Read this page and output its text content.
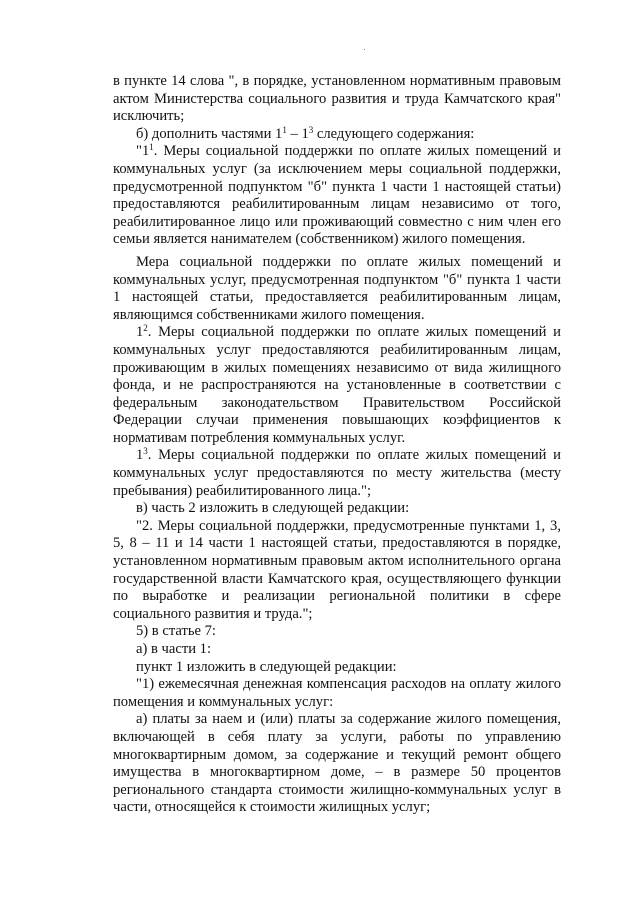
в пункте 14 слова ", в порядке, установленном нормативным правовым актом Министерства социального развития и труда Камчатского края" исключить;

б) дополнить частями $1^1 - 1^3$ следующего содержания:

"$1^1$. Меры социальной поддержки по оплате жилых помещений и коммунальных услуг (за исключением меры социальной поддержки, предусмотренной подпунктом "б" пункта 1 части 1 настоящей статьи) предоставляются реабилитированным лицам независимо от того, реабилитированное лицо или проживающий совместно с ним член его семьи является нанимателем (собственником) жилого помещения.

Мера социальной поддержки по оплате жилых помещений и коммунальных услуг, предусмотренная подпунктом "б" пункта 1 части 1 настоящей статьи, предоставляется реабилитированным лицам, являющимся собственниками жилого помещения.

$1^2$. Меры социальной поддержки по оплате жилых помещений и коммунальных услуг предоставляются реабилитированным лицам, проживающим в жилых помещениях независимо от вида жилищного фонда, и не распространяются на установленные в соответствии с федеральным законодательством Правительством Российской Федерации случаи применения повышающих коэффициентов к нормативам потребления коммунальных услуг.

$1^3$. Меры социальной поддержки по оплате жилых помещений и коммунальных услуг предоставляются по месту жительства (месту пребывания) реабилитированного лица.";

в) часть 2 изложить в следующей редакции:

"2. Меры социальной поддержки, предусмотренные пунктами 1, 3, 5, 8 – 11 и 14 части 1 настоящей статьи, предоставляются в порядке, установленном нормативным правовым актом исполнительного органа государственной власти Камчатского края, осуществляющего функции по выработке и реализации региональной политики в сфере социального развития и труда.";

5) в статье 7:

а) в части 1:

пункт 1 изложить в следующей редакции:

"1) ежемесячная денежная компенсация расходов на оплату жилого помещения и коммунальных услуг:

а) платы за наем и (или) платы за содержание жилого помещения, включающей в себя плату за услуги, работы по управлению многоквартирным домом, за содержание и текущий ремонт общего имущества в многоквартирном доме, – в размере 50 процентов регионального стандарта стоимости жилищно-коммунальных услуг в части, относящейся к стоимости жилищных услуг;
